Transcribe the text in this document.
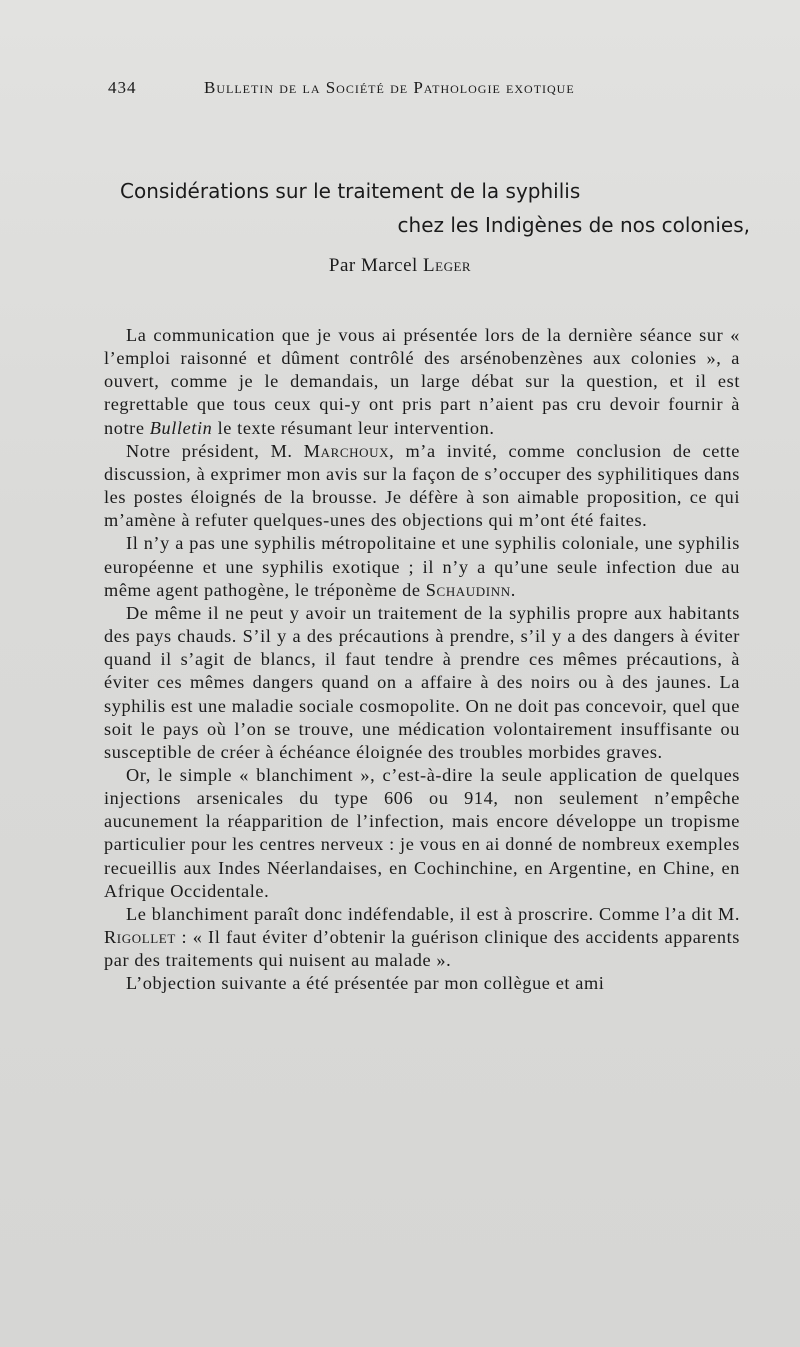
434	Bulletin de la Société de Pathologie exotique
Considérations sur le traitement de la syphilis
chez les Indigènes de nos colonies,
Par Marcel Leger

La communication que je vous ai présentée lors de la dernière séance sur « l’emploi raisonné et dûment contrôlé des arsénobenzènes aux colonies », a ouvert, comme je le demandais, un large débat sur la question, et il est regrettable que tous ceux qui-y ont pris part n’aient pas cru devoir fournir à notre Bulletin le texte résumant leur intervention.

Notre président, M. Marchoux, m’a invité, comme conclusion de cette discussion, à exprimer mon avis sur la façon de s’occuper des syphilitiques dans les postes éloignés de la brousse. Je défère à son aimable proposition, ce qui m’amène à refuter quelques-unes des objections qui m’ont été faites.

Il n’y a pas une syphilis métropolitaine et une syphilis coloniale, une syphilis européenne et une syphilis exotique ; il n’y a qu’une seule infection due au même agent pathogène, le tréponème de Schaudinn.

De même il ne peut y avoir un traitement de la syphilis propre aux habitants des pays chauds. S’il y a des précautions à prendre, s’il y a des dangers à éviter quand il s’agit de blancs, il faut tendre à prendre ces mêmes précautions, à éviter ces mêmes dangers quand on a affaire à des noirs ou à des jaunes. La syphilis est une maladie sociale cosmopolite. On ne doit pas concevoir, quel que soit le pays où l’on se trouve, une médication volontairement insuffisante ou susceptible de créer à échéance éloignée des troubles morbides graves.

Or, le simple « blanchiment », c’est-à-dire la seule application de quelques injections arsenicales du type 606 ou 914, non seulement n’empêche aucunement la réapparition de l’infection, mais encore développe un tropisme particulier pour les centres nerveux : je vous en ai donné de nombreux exemples recueillis aux Indes Néerlandaises, en Cochinchine, en Argentine, en Chine, en Afrique Occidentale.

Le blanchiment paraît donc indéfendable, il est à proscrire. Comme l’a dit M. Rigollet : « Il faut éviter d’obtenir la guérison clinique des accidents apparents par des traitements qui nuisent au malade ».

L’objection suivante a été présentée par mon collègue et ami
